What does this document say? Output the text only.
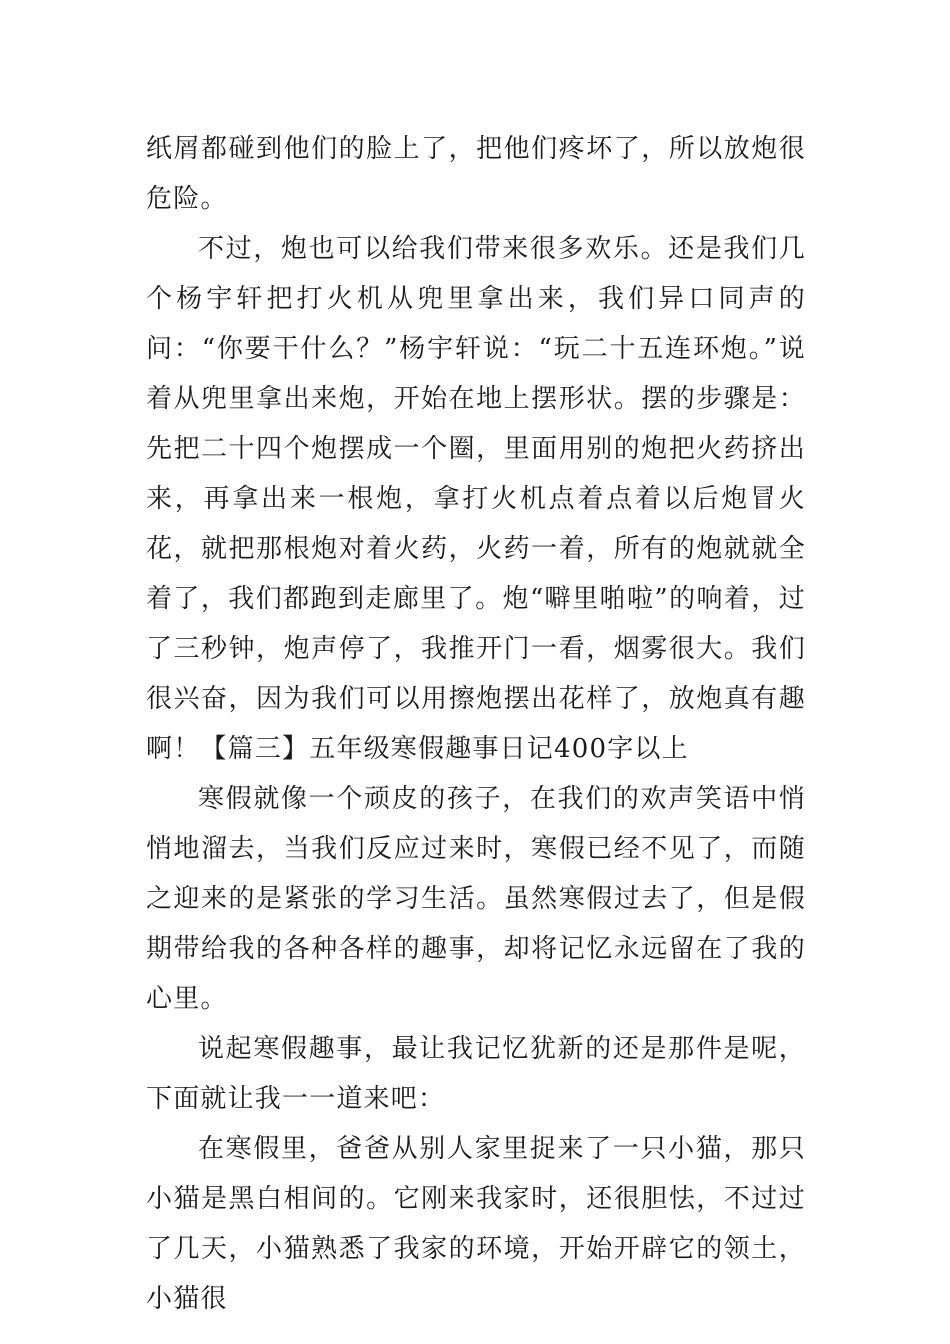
纸屑都碰到他们的脸上了，把他们疼坏了，所以放炮很危险。

不过，炮也可以给我们带来很多欢乐。还是我们几个杨宇轩把打火机从兜里拿出来，我们异口同声的问：“你要干什么？”杨宇轩说：“玩二十五连环炮。”说着从兜里拿出来炮，开始在地上摆形状。摆的步骤是：先把二十四个炮摆成一个圈，里面用别的炮把火药挤出来，再拿出来一根炮，拿打火机点着点着以后炮冒火花，就把那根炮对着火药，火药一着，所有的炮就就全着了，我们都跑到走廊里了。炮“噼里啪啦”的响着，过了三秒钟，炮声停了，我推开门一看，烟雾很大。我们很兴奋，因为我们可以用擦炮摆出花样了，放炮真有趣啊！【篇三】五年级寒假趣事日记400字以上

寒假就像一个顽皮的孩子，在我们的欢声笑语中悄悄地溜去，当我们反应过来时，寒假已经不见了，而随之迎来的是紧张的学习生活。虽然寒假过去了，但是假期带给我的各种各样的趣事，却将记忆永远留在了我的心里。

说起寒假趣事，最让我记忆犹新的还是那件是呢，下面就让我一一道来吧：

在寒假里，爸爸从别人家里捉来了一只小猫，那只小猫是黑白相间的。它刚来我家时，还很胆怯，不过过了几天，小猫熟悉了我家的环境，开始开辟它的领土，小猫很
